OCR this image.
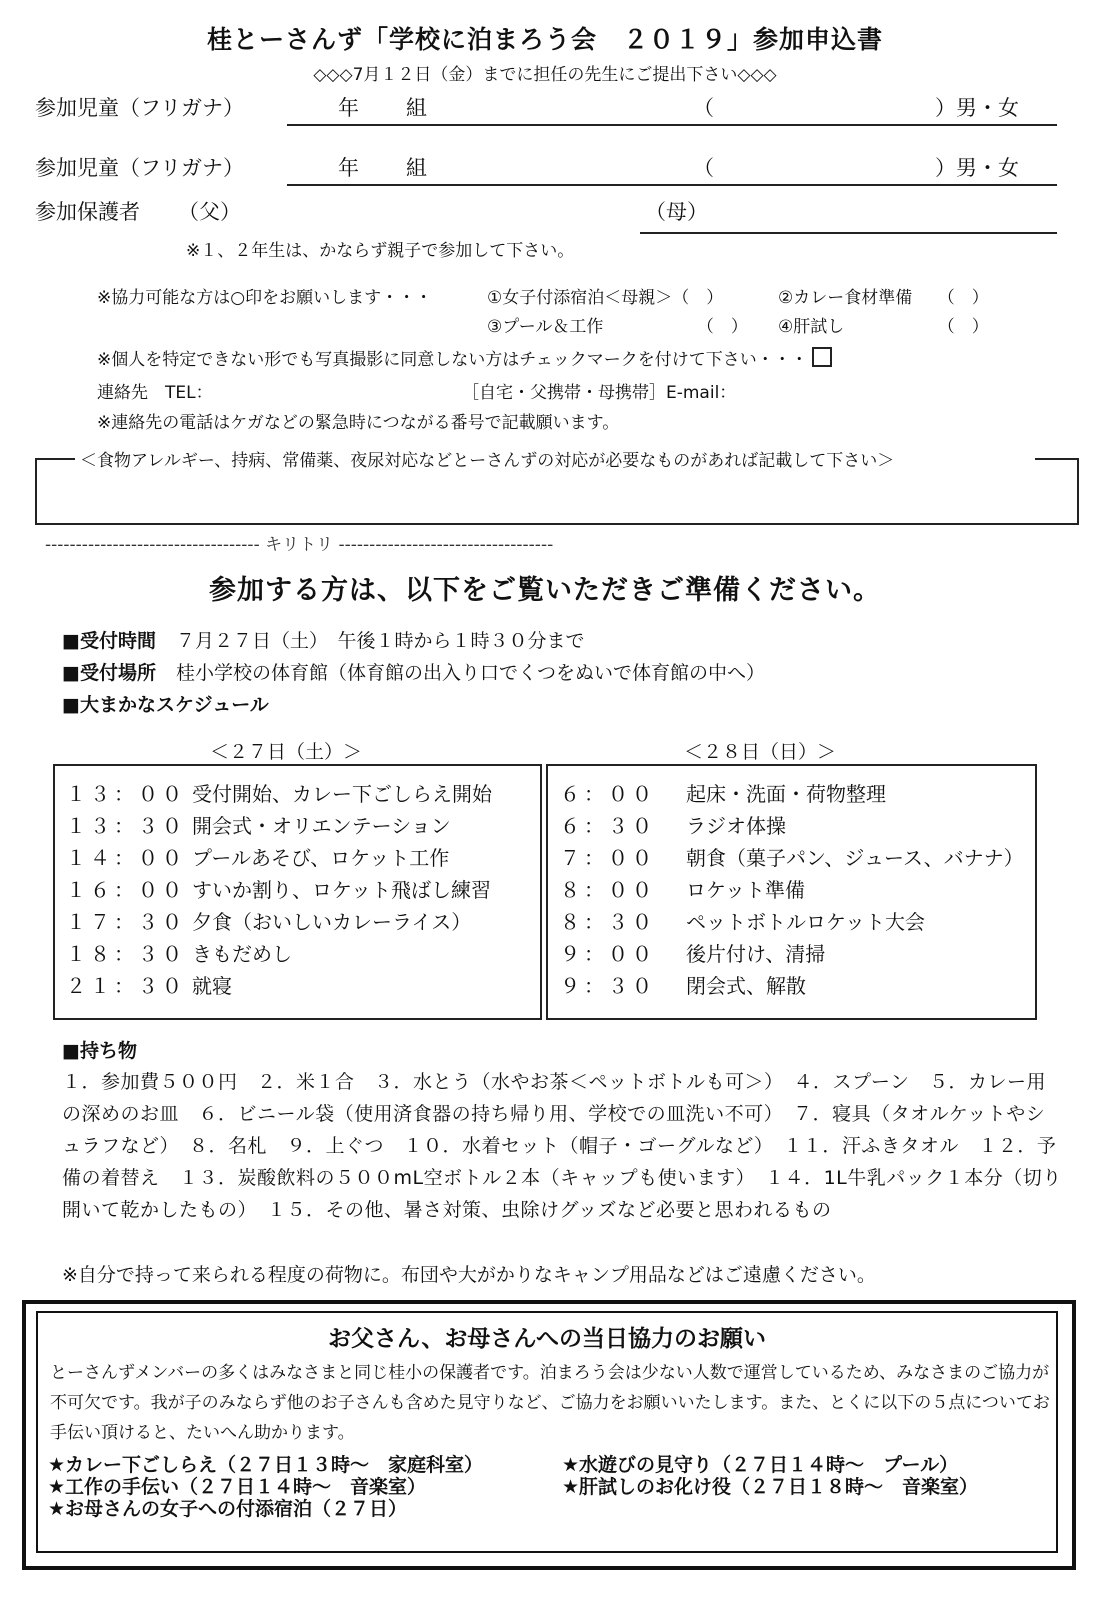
桂とーさんず「学校に泊まろう会　２０１９」参加申込書
◇◇◇7月１２日（金）までに担任の先生にご提出下さい◇◇◇
参加児童（フリガナ）	年 組	（	）男・女
参加児童（フリガナ）	年 組	（	）男・女
参加保護者 （父）	（母）
※１、２年生は、かならず親子で参加して下さい。
※協力可能な方は○印をお願いします・・・	①女子付添宿泊＜母親＞（　）	②カレー食材準備　　（　）
③プール＆工作　　　　　　（　） ④肝試し　　　　　　（　）
※個人を特定できない形でも写真撮影に同意しない方はチェックマークを付けて下さい・・・
連絡先　TEL：	［自宅・父携帯・母携帯］E-mail：
※連絡先の電話はケガなどの緊急時につながる番号で記載願います。
＜食物アレルギー、持病、常備薬、夜尿対応などとーさんずの対応が必要なものがあれば記載して下さい＞
----------------------------------- キリトリ -----------------------------------
参加する方は、以下をご覧いただきご準備ください。
■受付時間 ７月２７日（土）　午後１時から１時３０分まで
■受付場所 桂小学校の体育館（体育館の出入り口でくつをぬいで体育館の中へ）
■大まかなスケジュール
＜２７日（土）＞	＜２８日（日）＞
１３：００ 受付開始、カレー下ごしらえ開始
１３：３０ 開会式・オリエンテーション
１４：００ プールあそび、ロケット工作
１６：００ すいか割り、ロケット飛ばし練習
１７：３０ 夕食（おいしいカレーライス）
１８：３０ きもだめし
２１：３０ 就寝
６：００ 起床・洗面・荷物整理
６：３０ ラジオ体操
７：００ 朝食（菓子パン、ジュース、バナナ）
８：００ ロケット準備
８：３０ ペットボトルロケット大会
９：００ 後片付け、清掃
９：３０ 閉会式、解散
■持ち物
１．参加費５００円　２．米１合　３．水とう（水やお茶＜ペットボトルも可＞）　４．スプーン　５．カレー用の深めのお皿　６．ビニール袋（使用済食器の持ち帰り用、学校での皿洗い不可）　７．寝具（タオルケットやシュラフなど）　８．名札　９．上ぐつ　１０．水着セット（帽子・ゴーグルなど）　１１．汗ふきタオル　１２．予備の着替え　１３．炭酸飲料の５００mL空ボトル２本（キャップも使います）　１４．1L牛乳パック１本分（切り開いて乾かしたもの）　１５．その他、暑さ対策、虫除けグッズなど必要と思われるもの
※自分で持って来られる程度の荷物に。布団や大がかりなキャンプ用品などはご遠慮ください。
お父さん、お母さんへの当日協力のお願い
とーさんずメンバーの多くはみなさまと同じ桂小の保護者です。泊まろう会は少ない人数で運営しているため、みなさまのご協力が不可欠です。我が子のみならず他のお子さんも含めた見守りなど、ご協力をお願いいたします。また、とくに以下の５点についてお手伝い頂けると、たいへん助かります。
★カレー下ごしらえ（２７日１３時～　家庭科室）	★水遊びの見守り（２７日１４時～　プール）
★工作の手伝い（２７日１４時～　音楽室）	★肝試しのお化け役（２７日１８時～　音楽室）
★お母さんの女子への付添宿泊（２７日）
